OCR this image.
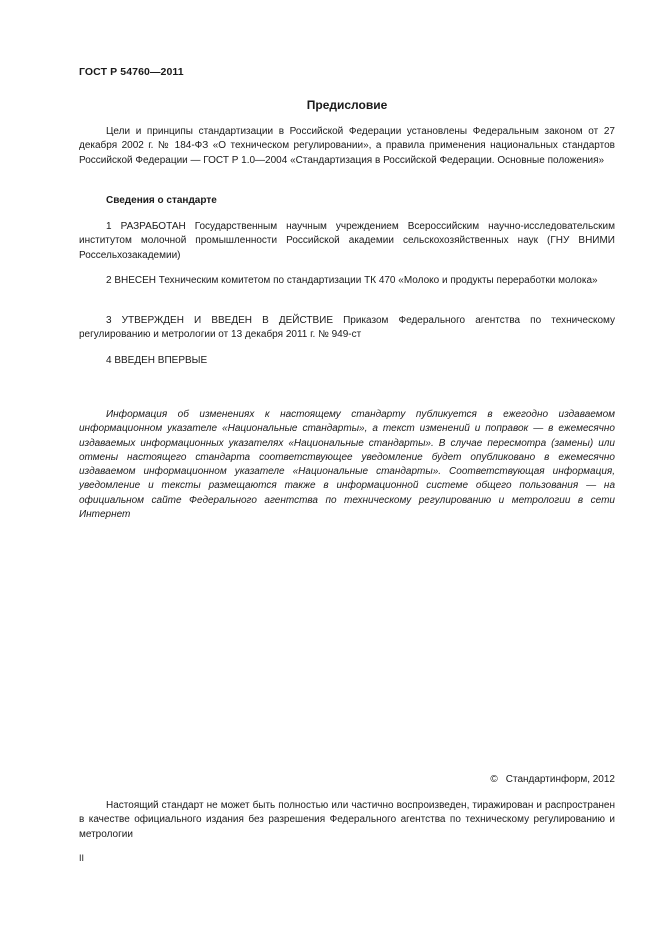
ГОСТ Р 54760—2011
Предисловие

Цели и принципы стандартизации в Российской Федерации установлены Федеральным законом от 27 декабря 2002 г. № 184-ФЗ «О техническом регулировании», а правила применения национальных стандартов Российской Федерации — ГОСТ Р 1.0—2004 «Стандартизация в Российской Федерации. Основные положения»

Сведения о стандарте

1 РАЗРАБОТАН Государственным научным учреждением Всероссийским научно-исследовательским институтом молочной промышленности Российской академии сельскохозяйственных наук (ГНУ ВНИМИ Россельхозакадемии)

2 ВНЕСЕН Техническим комитетом по стандартизации ТК 470 «Молоко и продукты переработки молока»

3 УТВЕРЖДЕН И ВВЕДЕН В ДЕЙСТВИЕ Приказом Федерального агентства по техническому регулированию и метрологии от 13 декабря 2011 г. № 949-ст

4 ВВЕДЕН ВПЕРВЫЕ

Информация об изменениях к настоящему стандарту публикуется в ежегодно издаваемом информационном указателе «Национальные стандарты», а текст изменений и поправок — в ежемесячно издаваемых информационных указателях «Национальные стандарты». В случае пересмотра (замены) или отмены настоящего стандарта соответствующее уведомление будет опубликовано в ежемесячно издаваемом информационном указателе «Национальные стандарты». Соответствующая информация, уведомление и тексты размещаются также в информационной системе общего пользования — на официальном сайте Федерального агентства по техническому регулированию и метрологии в сети Интернет

© Стандартинформ, 2012

Настоящий стандарт не может быть полностью или частично воспроизведен, тиражирован и распространен в качестве официального издания без разрешения Федерального агентства по техническому регулированию и метрологии

II
